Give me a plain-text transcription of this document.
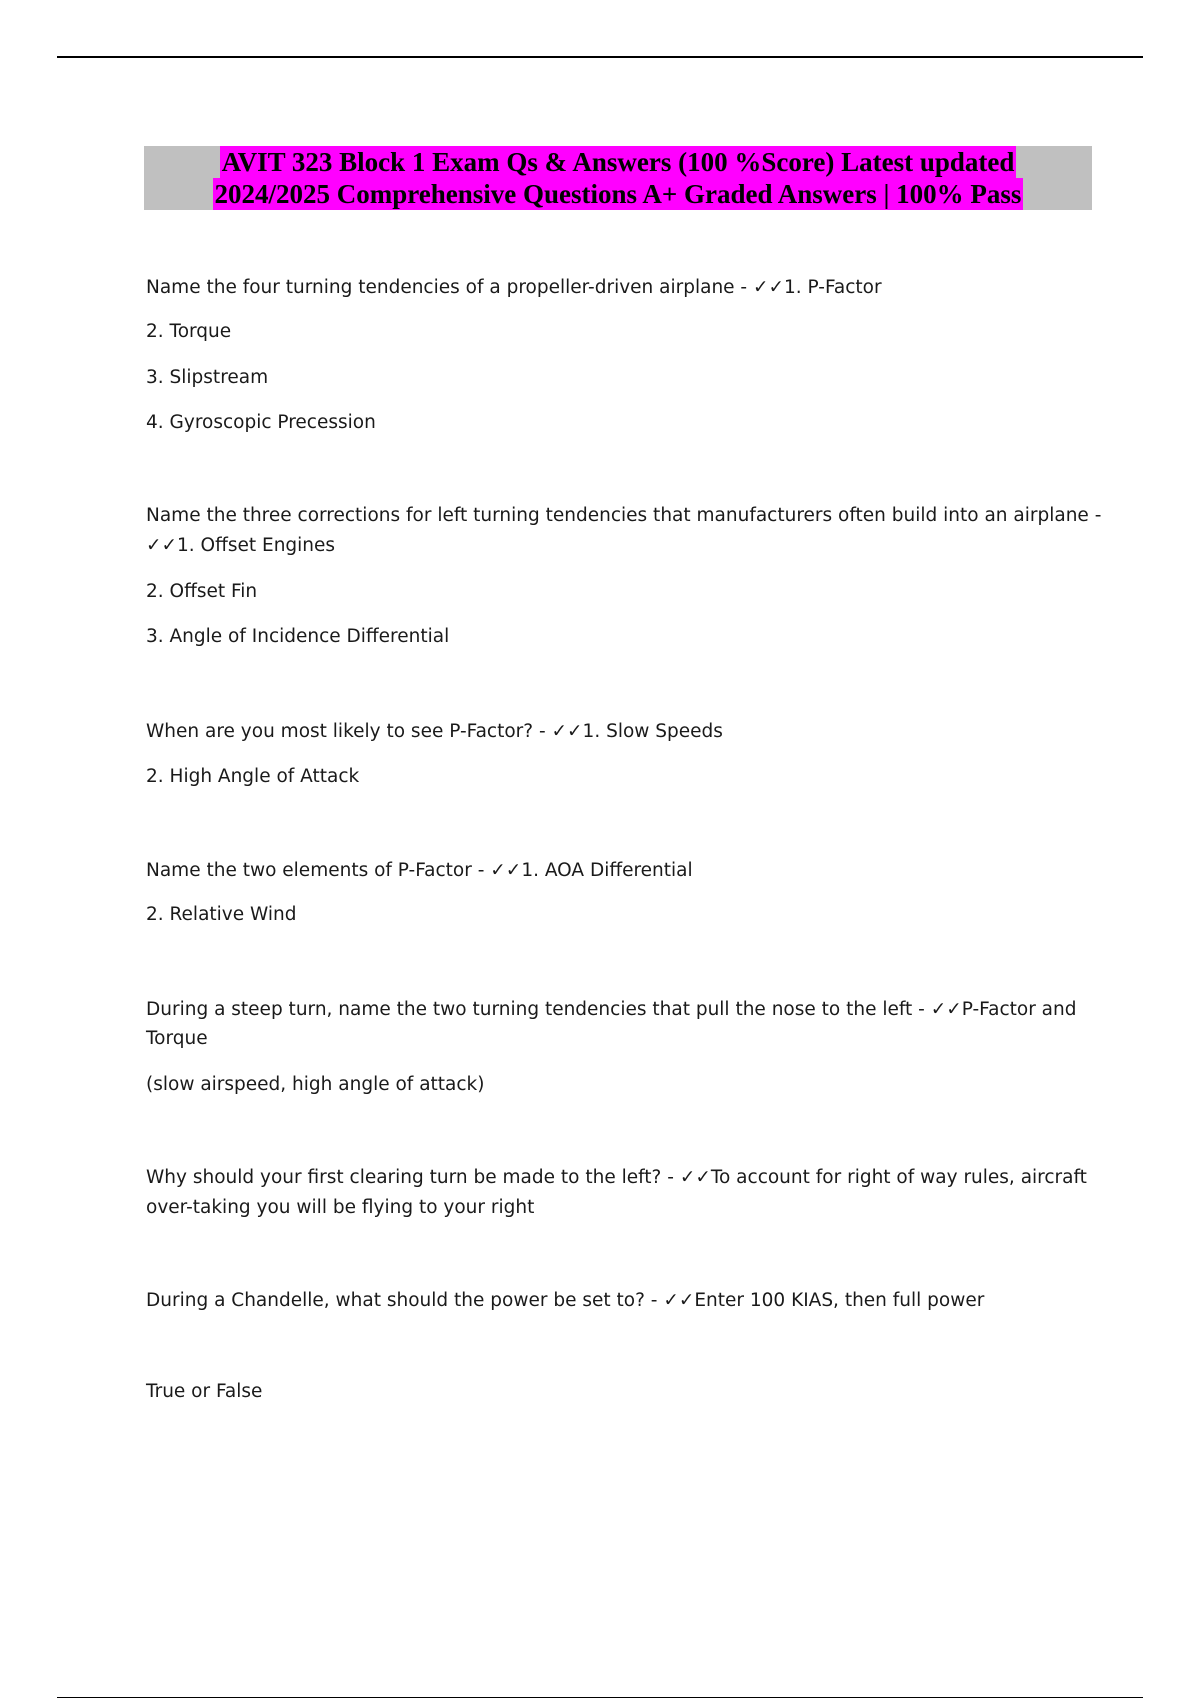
AVIT 323 Block 1 Exam Qs & Answers (100 %Score) Latest updated
2024/2025 Comprehensive Questions A+ Graded Answers | 100% Pass
Name the four turning tendencies of a propeller-driven airplane - ✓✓1. P-Factor
2. Torque
3. Slipstream
4. Gyroscopic Precession
Name the three corrections for left turning tendencies that manufacturers often build into an airplane -
✓✓1. Offset Engines
2. Offset Fin
3. Angle of Incidence Differential
When are you most likely to see P-Factor? - ✓✓1. Slow Speeds
2. High Angle of Attack
Name the two elements of P-Factor - ✓✓1. AOA Differential
2. Relative Wind
During a steep turn, name the two turning tendencies that pull the nose to the left - ✓✓P-Factor and
Torque
(slow airspeed, high angle of attack)
Why should your first clearing turn be made to the left? - ✓✓To account for right of way rules, aircraft
over-taking you will be flying to your right
During a Chandelle, what should the power be set to? - ✓✓Enter 100 KIAS, then full power
True or False
